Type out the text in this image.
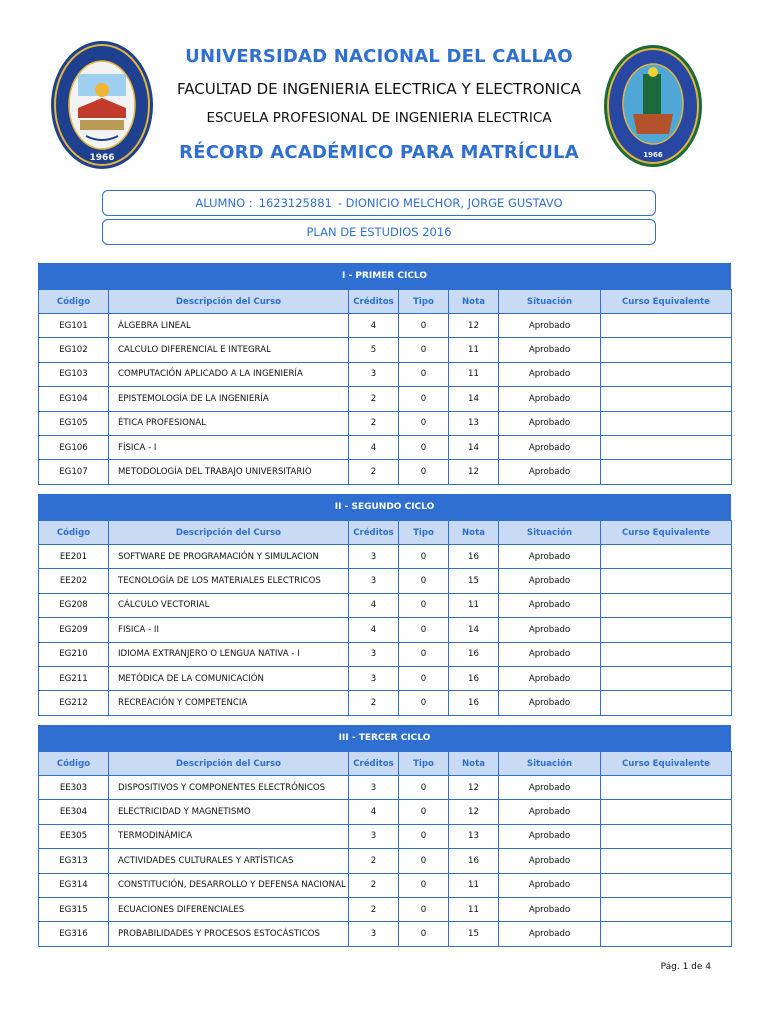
1966
UNIVERSIDAD NACIONAL DEL CALLAO
FACULTAD DE INGENIERIA ELECTRICA Y ELECTRONICA
ESCUELA PROFESIONAL DE INGENIERIA ELECTRICA
RÉCORD ACADÉMICO PARA MATRÍCULA	1966
ALUMNO : 1623125881 - DIONICIO MELCHOR, JORGE GUSTAVO
PLAN DE ESTUDIOS 2016
I - PRIMER CICLO
Código	Descripción del Curso	Créditos	Tipo	Nota	Situación	Curso Equivalente
EG101	ÁLGEBRA LINEAL	4	0	12	Aprobado	
EG102	CALCULO DIFERENCIAL E INTEGRAL	5	0	11	Aprobado	
EG103	COMPUTACIÓN APLICADO A LA INGENIERÍA	3	0	11	Aprobado	
EG104	EPISTEMOLOGÍA DE LA INGENIERÍA	2	0	14	Aprobado	
EG105	ÉTICA PROFESIONAL	2	0	13	Aprobado	
EG106	FÍSICA - I	4	0	14	Aprobado	
EG107	METODOLOGÍA DEL TRABAJO UNIVERSITARIO	2	0	12	Aprobado	
II - SEGUNDO CICLO
Código	Descripción del Curso	Créditos	Tipo	Nota	Situación	Curso Equivalente
EE201	SOFTWARE DE PROGRAMACIÓN Y SIMULACION	3	0	16	Aprobado	
EE202	TECNOLOGÍA DE LOS MATERIALES ELECTRICOS	3	0	15	Aprobado	
EG208	CÁLCULO VECTORIAL	4	0	11	Aprobado	
EG209	FISICA - II	4	0	14	Aprobado	
EG210	IDIOMA EXTRANJERO O LENGUA NATIVA - I	3	0	16	Aprobado	
EG211	METÓDICA DE LA COMUNICACIÓN	3	0	16	Aprobado	
EG212	RECREACIÓN Y COMPETENCIA	2	0	16	Aprobado	
III - TERCER CICLO
Código	Descripción del Curso	Créditos	Tipo	Nota	Situación	Curso Equivalente
EE303	DISPOSITIVOS Y COMPONENTES ELECTRÓNICOS	3	0	12	Aprobado	
EE304	ELECTRICIDAD Y MAGNETISMO	4	0	12	Aprobado	
EE305	TERMODINÁMICA	3	0	13	Aprobado	
EG313	ACTIVIDADES CULTURALES Y ARTÍSTICAS	2	0	16	Aprobado	
EG314	CONSTITUCIÓN, DESARROLLO Y DEFENSA NACIONAL	2	0	11	Aprobado	
EG315	ECUACIONES DIFERENCIALES	2	0	11	Aprobado	
EG316	PROBABILIDADES Y PROCESOS ESTOCÁSTICOS	3	0	15	Aprobado	
Pág. 1 de 4
